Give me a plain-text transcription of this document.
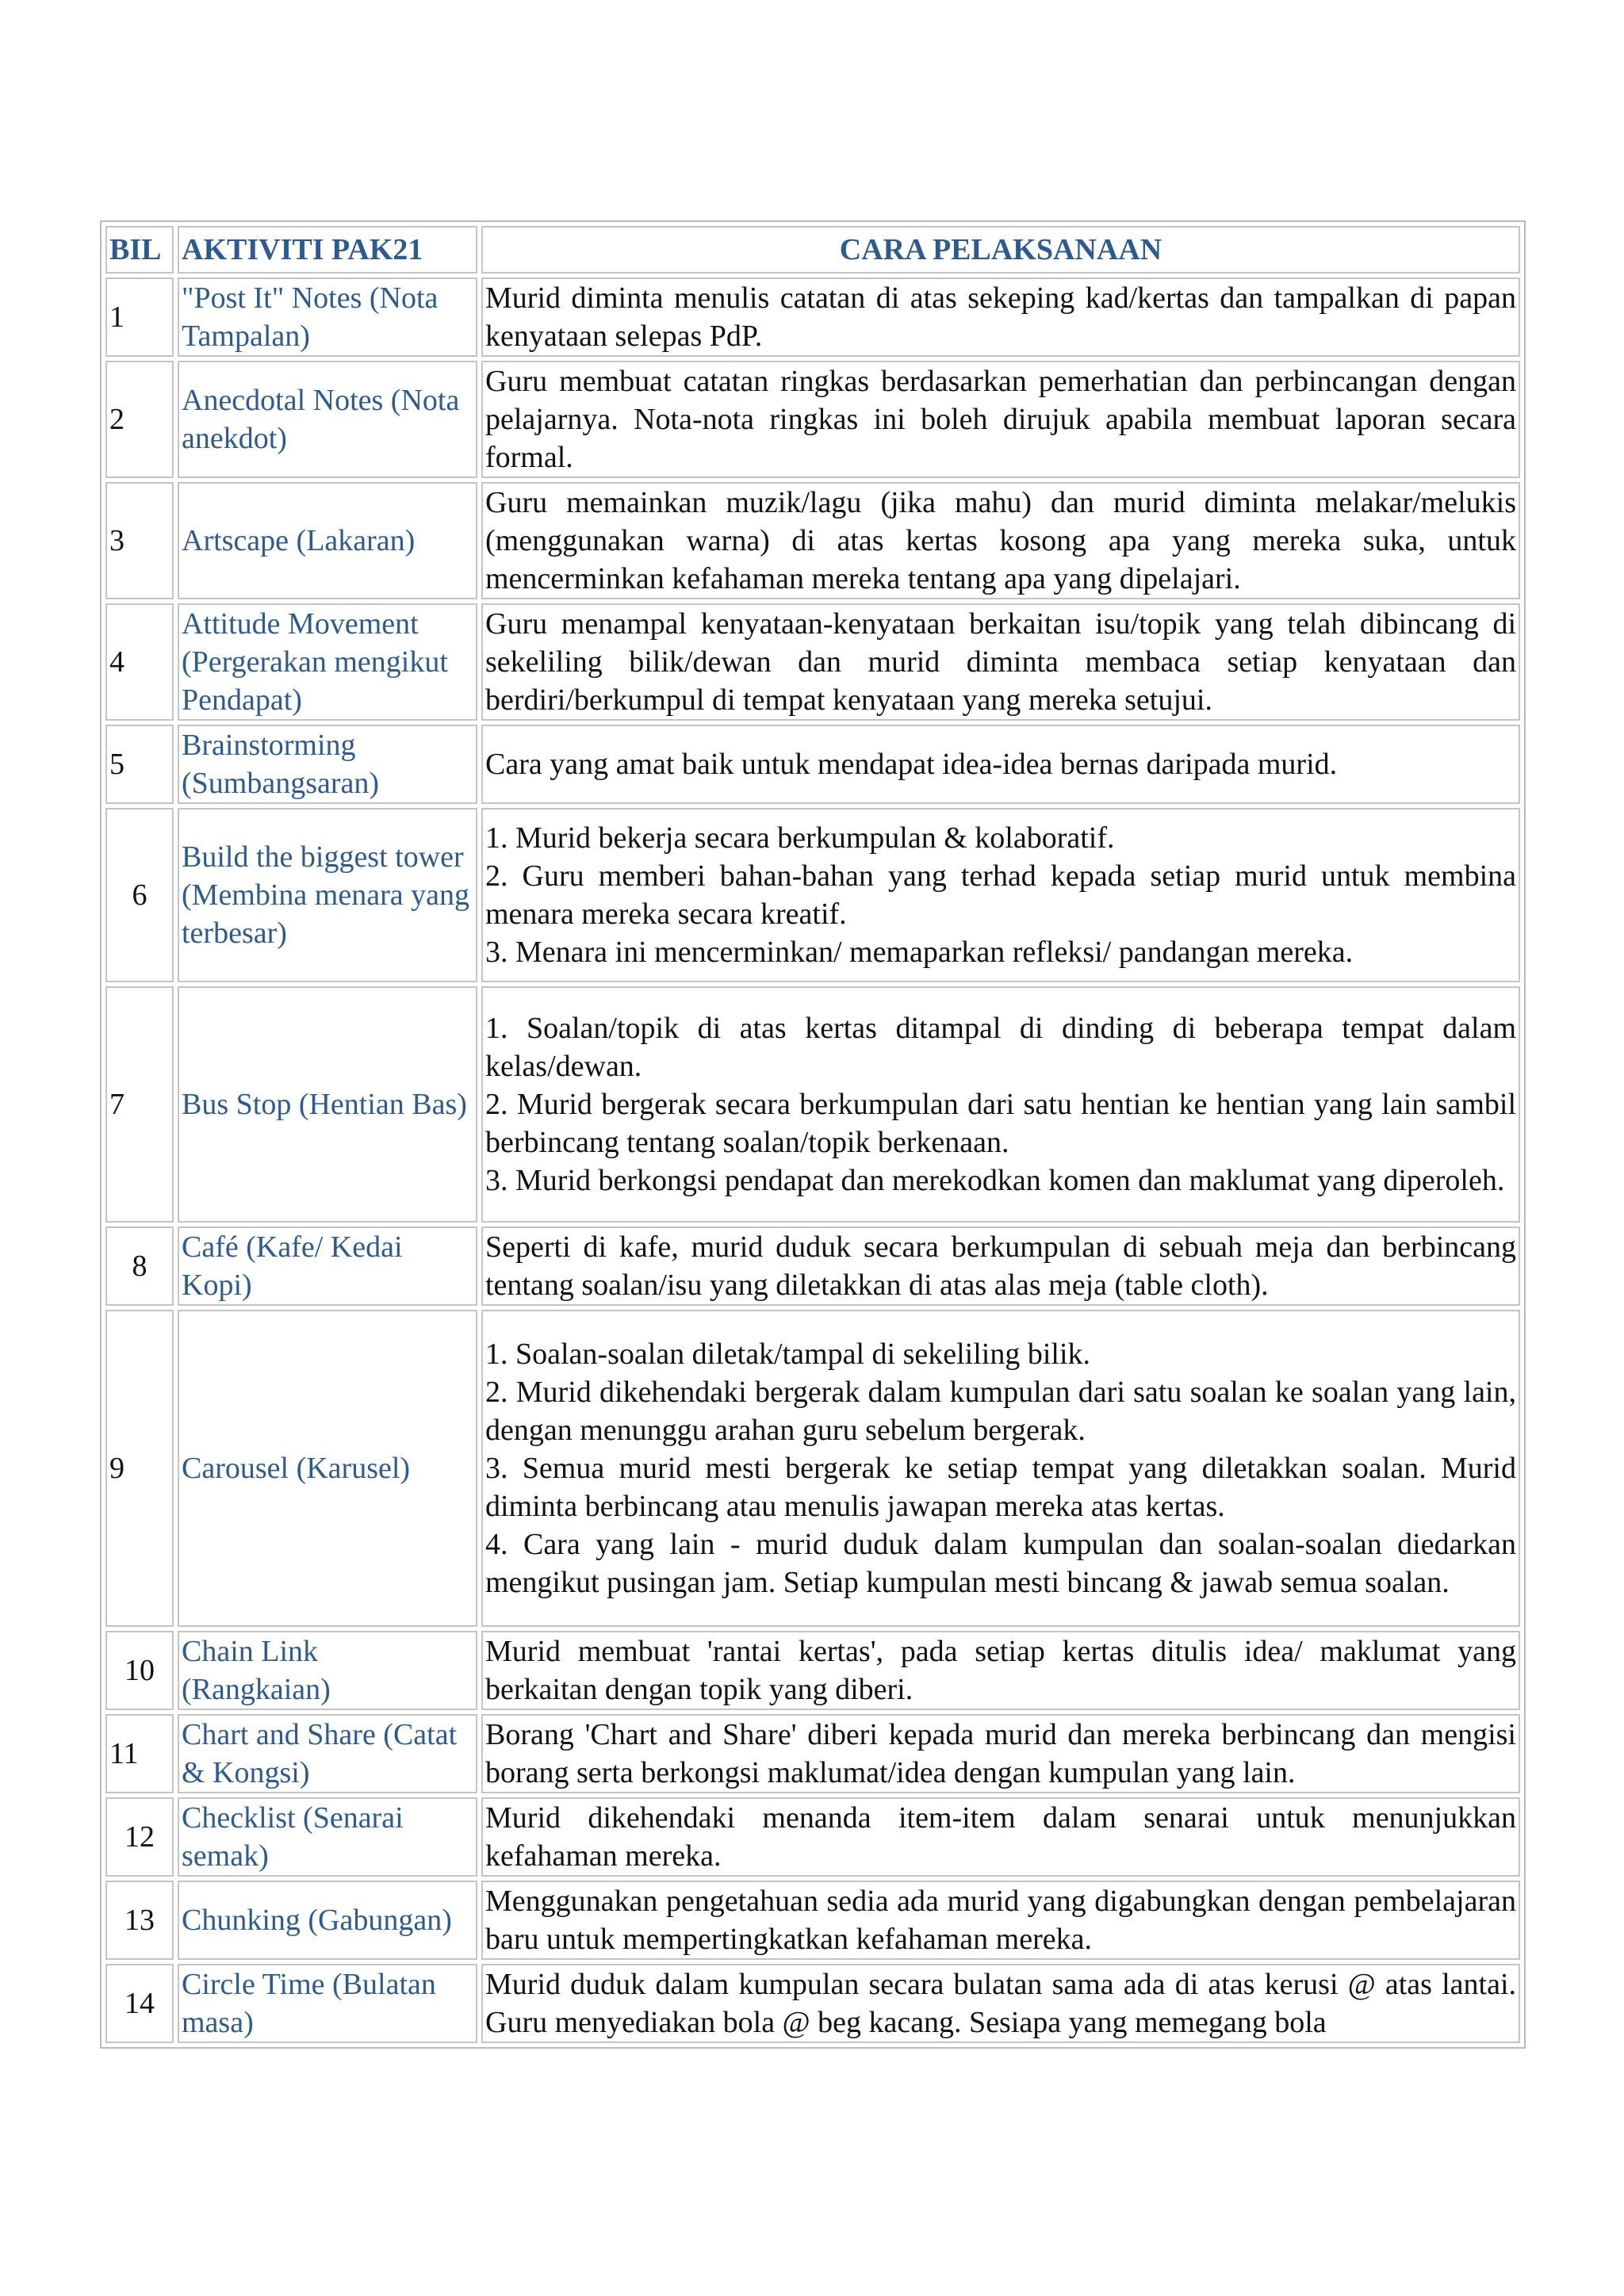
BIL	AKTIVITI PAK21	CARA PELAKSANAAN
1	"Post It" Notes (Nota Tampalan)	Murid diminta menulis catatan di atas sekeping kad/kertas dan tampalkan di papan kenyataan selepas PdP.

2	Anecdotal Notes (Nota anekdot)	Guru membuat catatan ringkas berdasarkan pemerhatian dan perbincangan dengan pelajarnya. Nota-nota ringkas ini boleh dirujuk apabila membuat laporan secara formal.

3	Artscape (Lakaran)	Guru memainkan muzik/lagu (jika mahu) dan murid diminta melakar/melukis (menggunakan warna) di atas kertas kosong apa yang mereka suka, untuk mencerminkan kefahaman mereka tentang apa yang dipelajari.

4	Attitude Movement (Pergerakan mengikut Pendapat)	Guru menampal kenyataan-kenyataan berkaitan isu/topik yang telah dibincang di sekeliling bilik/dewan dan murid diminta membaca setiap kenyataan dan berdiri/berkumpul di tempat kenyataan yang mereka setujui.

5	Brainstorming (Sumbangsaran)	Cara yang amat baik untuk mendapat idea-idea bernas daripada murid.

6	Build the biggest tower (Membina menara yang terbesar)	1. Murid bekerja secara berkumpulan & kolaboratif.
2. Guru memberi bahan-bahan yang terhad kepada setiap murid untuk membina menara mereka secara kreatif.
3. Menara ini mencerminkan/ memaparkan refleksi/ pandangan mereka.

7	Bus Stop (Hentian Bas)	1. Soalan/topik di atas kertas ditampal di dinding di beberapa tempat dalam kelas/dewan.
2. Murid bergerak secara berkumpulan dari satu hentian ke hentian yang lain sambil berbincang tentang soalan/topik berkenaan.
3. Murid berkongsi pendapat dan merekodkan komen dan maklumat yang diperoleh.

8	Café (Kafe/ Kedai Kopi)	Seperti di kafe, murid duduk secara berkumpulan di sebuah meja dan berbincang tentang soalan/isu yang diletakkan di atas alas meja (table cloth).

9	Carousel (Karusel)	1. Soalan-soalan diletak/tampal di sekeliling bilik.
2. Murid dikehendaki bergerak dalam kumpulan dari satu soalan ke soalan yang lain, dengan menunggu arahan guru sebelum bergerak.
3. Semua murid mesti bergerak ke setiap tempat yang diletakkan soalan. Murid diminta berbincang atau menulis jawapan mereka atas kertas.
4. Cara yang lain - murid duduk dalam kumpulan dan soalan-soalan diedarkan mengikut pusingan jam. Setiap kumpulan mesti bincang & jawab semua soalan.

10	Chain Link (Rangkaian)	Murid membuat 'rantai kertas', pada setiap kertas ditulis idea/ maklumat yang berkaitan dengan topik yang diberi.

11	Chart and Share (Catat & Kongsi)	Borang 'Chart and Share' diberi kepada murid dan mereka berbincang dan mengisi borang serta berkongsi maklumat/idea dengan kumpulan yang lain.

12	Checklist (Senarai semak)	Murid dikehendaki menanda item-item dalam senarai untuk menunjukkan kefahaman mereka.

13	Chunking (Gabungan)	Menggunakan pengetahuan sedia ada murid yang digabungkan dengan pembelajaran baru untuk mempertingkatkan kefahaman mereka.

14	Circle Time (Bulatan masa)	Murid duduk dalam kumpulan secara bulatan sama ada di atas kerusi @ atas lantai. Guru menyediakan bola @ beg kacang. Sesiapa yang memegang bola
